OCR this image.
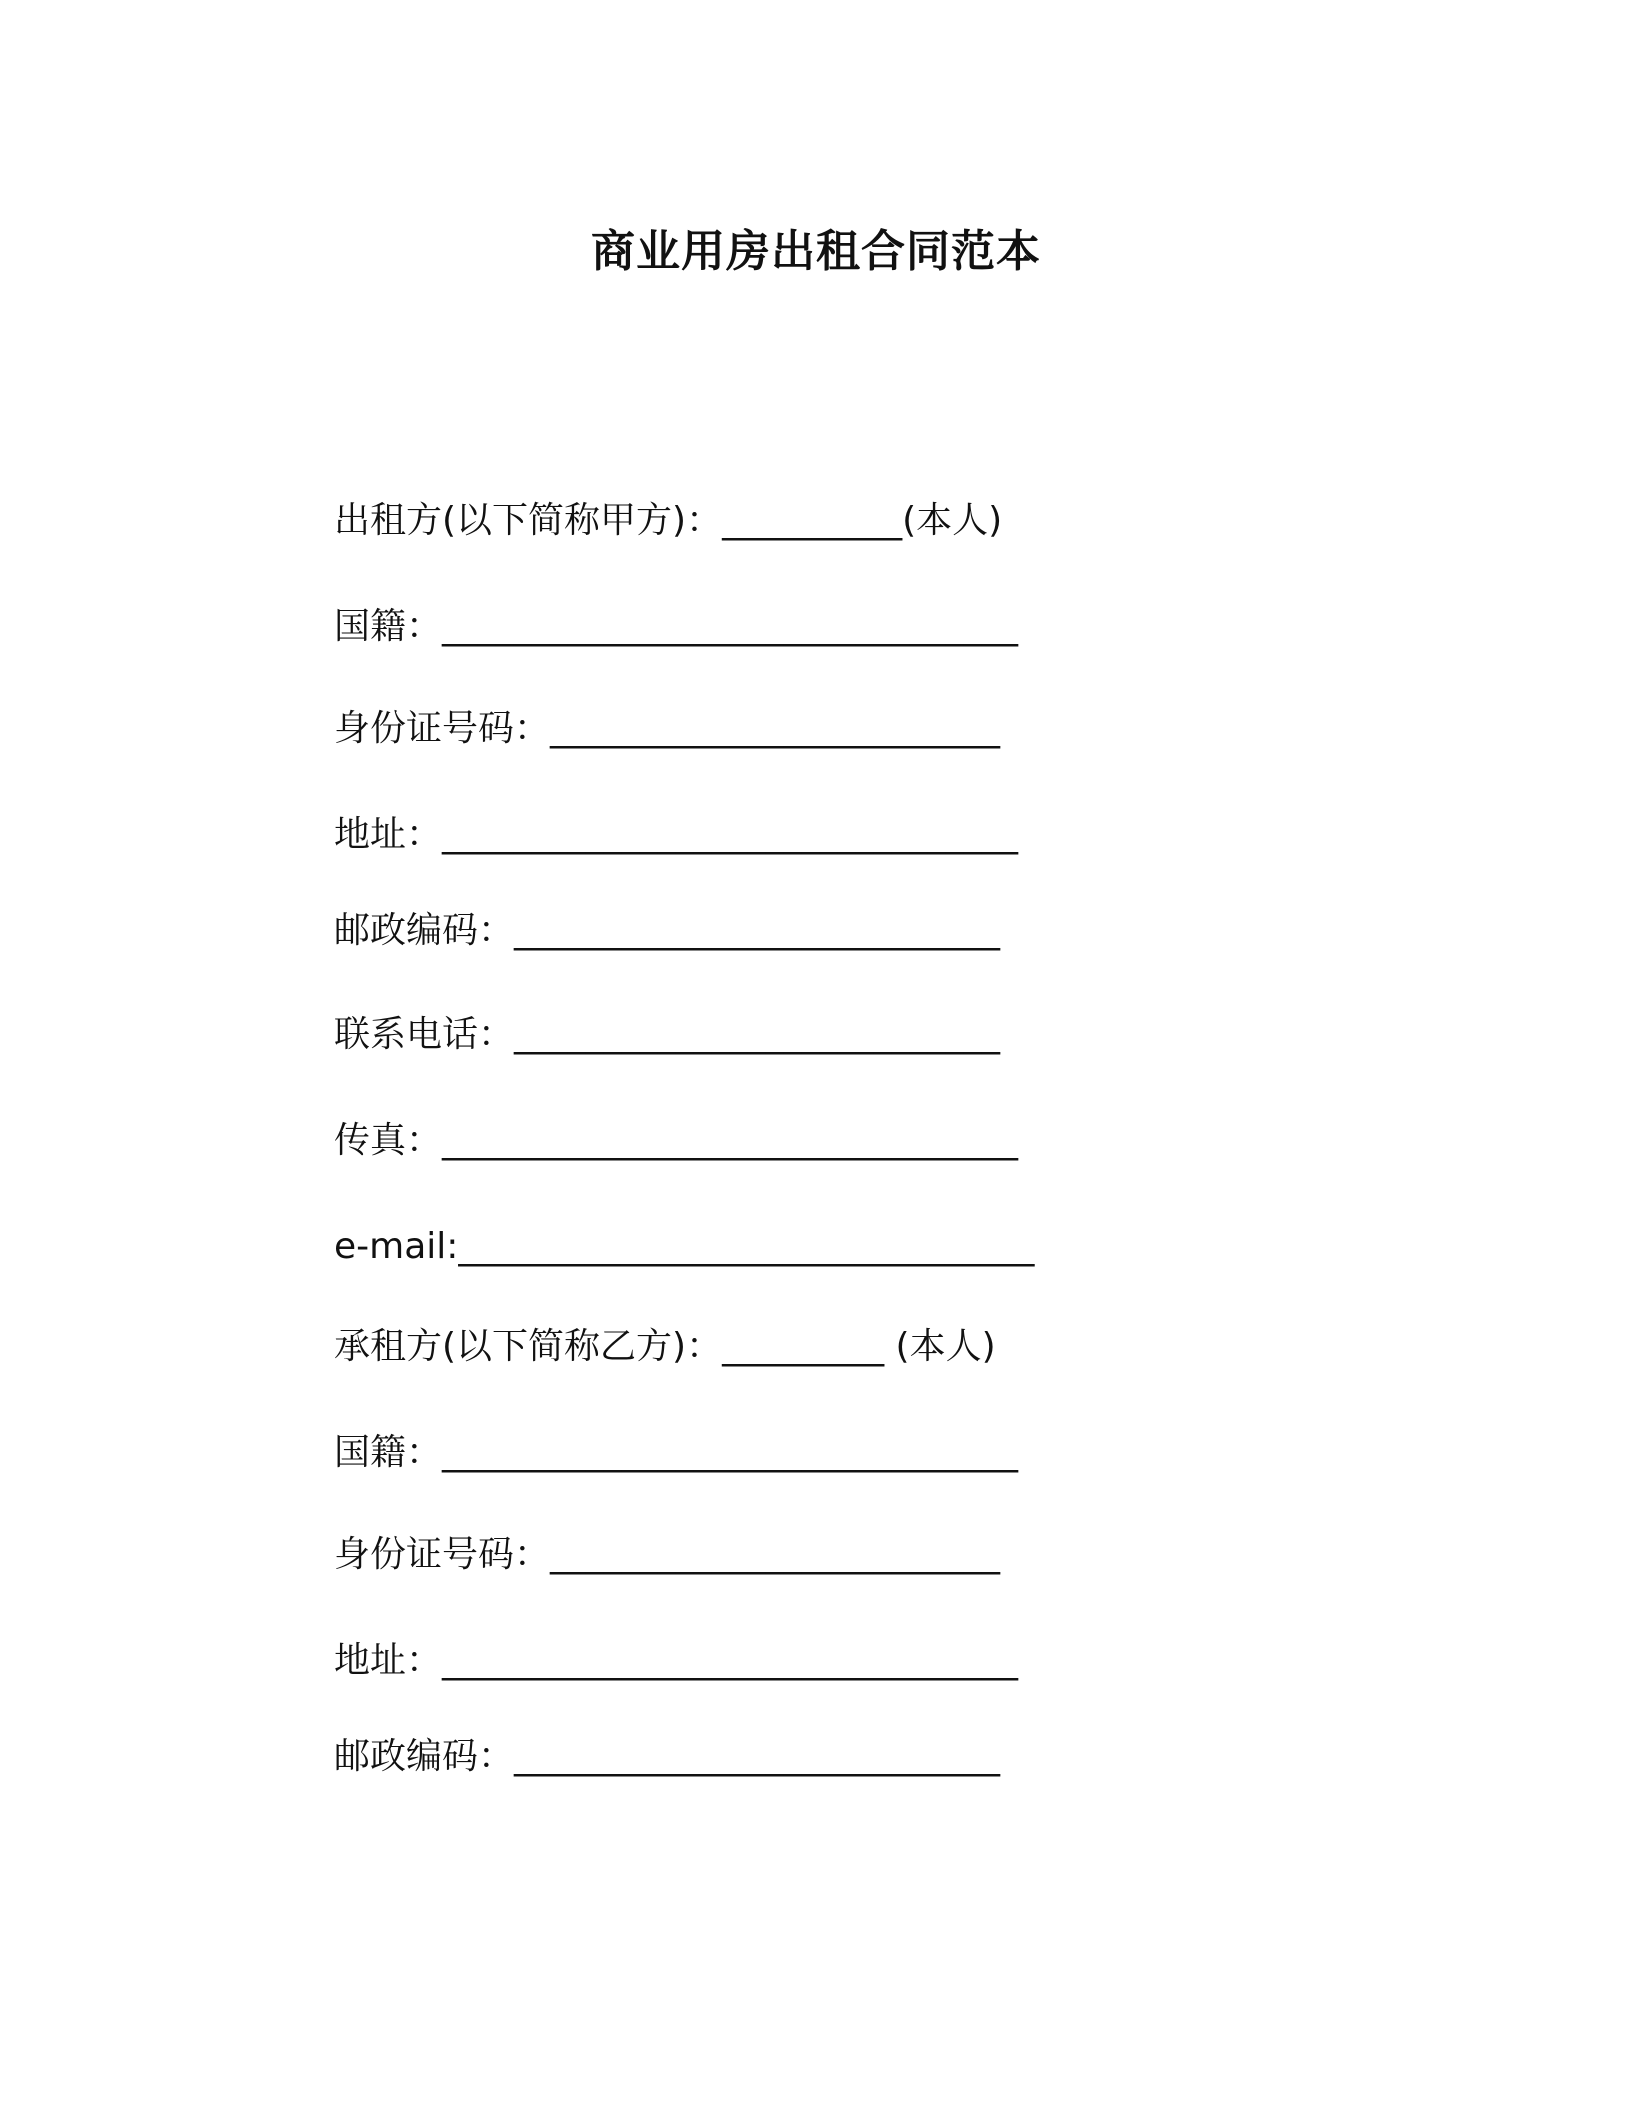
商业用房出租合同范本
出租方(以下简称甲方)：__________(本人)
国籍：________________________________
身份证号码：_________________________
地址：________________________________
邮政编码：___________________________
联系电话：___________________________
传真：________________________________
e-mail:________________________________
承租方(以下简称乙方)：_________ (本人)
国籍：________________________________
身份证号码：_________________________
地址：________________________________
邮政编码：___________________________
